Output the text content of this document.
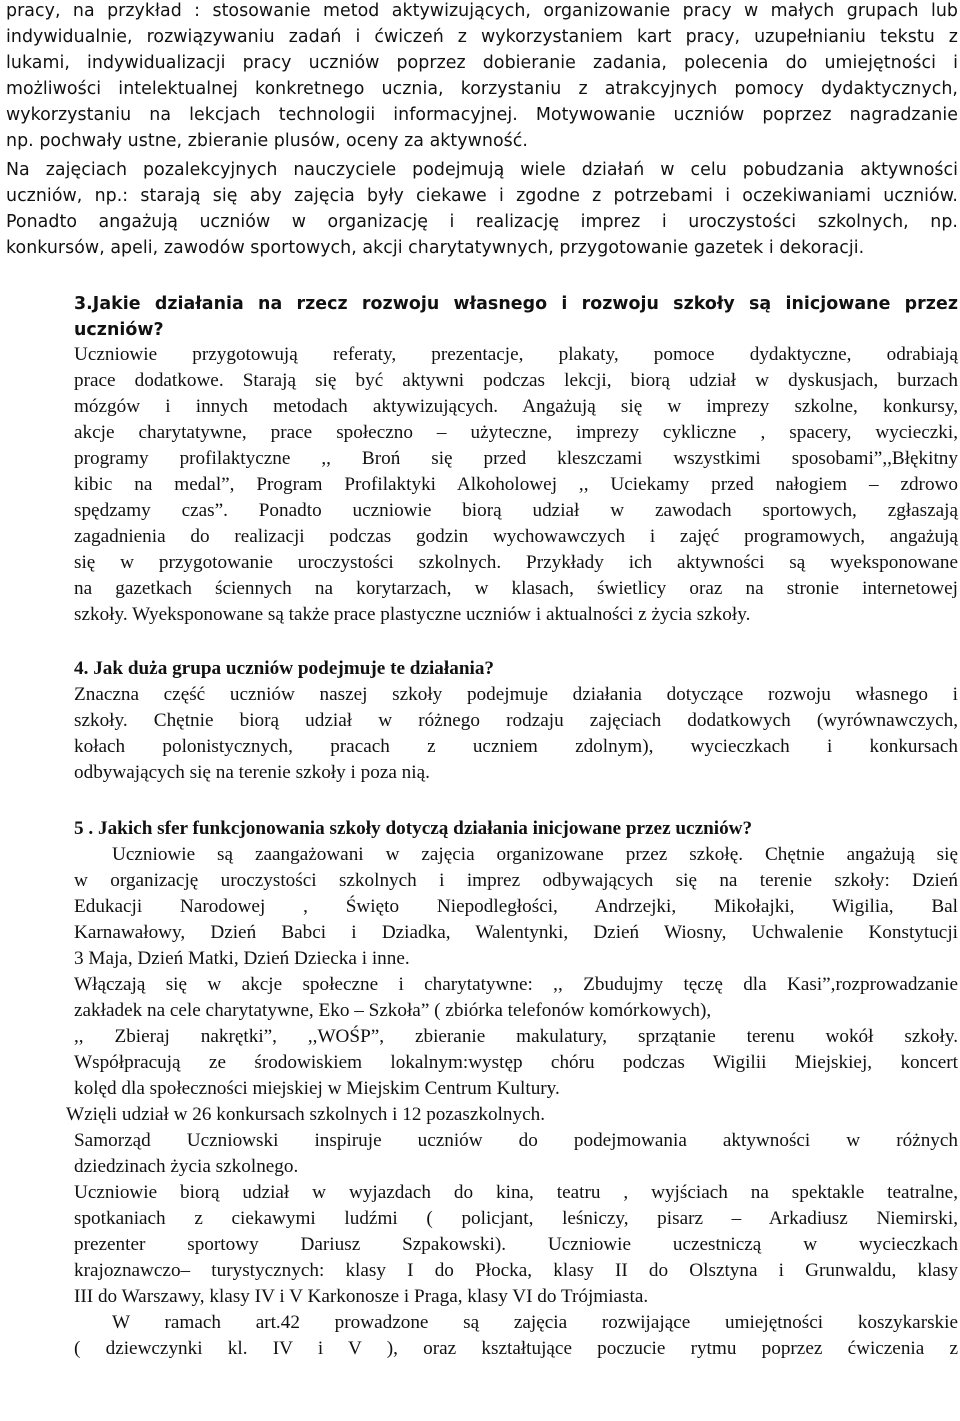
pracy, na przykład : stosowanie metod aktywizujących, organizowanie pracy w małych grupach lub
indywidualnie, rozwiązywaniu zadań i ćwiczeń z wykorzystaniem kart pracy, uzupełnianiu tekstu z
lukami, indywidualizacji pracy uczniów poprzez dobieranie zadania, polecenia do umiejętności i
możliwości intelektualnej konkretnego ucznia, korzystaniu z atrakcyjnych pomocy dydaktycznych,
wykorzystaniu na lekcjach technologii informacyjnej. Motywowanie uczniów poprzez nagradzanie
np. pochwały ustne, zbieranie plusów, oceny za aktywność.
Na zajęciach pozalekcyjnych nauczyciele podejmują wiele działań w celu pobudzania aktywności
uczniów, np.: starają się aby zajęcia były ciekawe i zgodne z potrzebami i oczekiwaniami uczniów.
Ponadto angażują uczniów w organizację i realizację imprez i uroczystości szkolnych, np.
konkursów, apeli, zawodów sportowych, akcji charytatywnych, przygotowanie gazetek i dekoracji.
3.Jakie działania na rzecz rozwoju własnego i rozwoju szkoły są inicjowane przez
uczniów?
Uczniowie przygotowują referaty, prezentacje, plakaty, pomoce dydaktyczne, odrabiają
prace dodatkowe. Starają się być aktywni podczas lekcji, biorą udział w dyskusjach, burzach
mózgów i innych metodach aktywizujących. Angażują się w imprezy szkolne, konkursy,
akcje charytatywne, prace społeczno – użyteczne, imprezy cykliczne , spacery, wycieczki,
programy profilaktyczne ,, Broń się przed kleszczami wszystkimi sposobami”,,Błękitny
kibic na medal”, Program Profilaktyki Alkoholowej ,, Uciekamy przed nałogiem – zdrowo
spędzamy czas”. Ponadto uczniowie biorą udział w zawodach sportowych, zgłaszają
zagadnienia do realizacji podczas godzin wychowawczych i zajęć programowych, angażują
się w przygotowanie uroczystości szkolnych. Przykłady ich aktywności są wyeksponowane
na gazetkach ściennych na korytarzach, w klasach, świetlicy oraz na stronie internetowej
szkoły. Wyeksponowane są także prace plastyczne uczniów i aktualności z życia szkoły.
4. Jak duża grupa uczniów podejmuje te działania?
Znaczna część uczniów naszej szkoły podejmuje działania dotyczące rozwoju własnego i
szkoły. Chętnie biorą udział w różnego rodzaju zajęciach dodatkowych (wyrównawczych,
kołach polonistycznych, pracach z uczniem zdolnym), wycieczkach i konkursach
odbywających się na terenie szkoły i poza nią.
5 . Jakich sfer funkcjonowania szkoły dotyczą działania inicjowane przez uczniów?
Uczniowie są zaangażowani w zajęcia organizowane przez szkołę. Chętnie angażują się
w organizację uroczystości szkolnych i imprez odbywających się na terenie szkoły: Dzień
Edukacji Narodowej , Święto Niepodległości, Andrzejki, Mikołajki, Wigilia, Bal
Karnawałowy, Dzień Babci i Dziadka, Walentynki, Dzień Wiosny, Uchwalenie Konstytucji
3 Maja, Dzień Matki, Dzień Dziecka i inne.
Włączają się w akcje społeczne i charytatywne: ,, Zbudujmy tęczę dla Kasi”,rozprowadzanie
zakładek na cele charytatywne, Eko – Szkoła” ( zbiórka telefonów komórkowych),
,, Zbieraj nakrętki”, ,,WOŚP”, zbieranie makulatury, sprzątanie terenu wokół szkoły.
Współpracują ze środowiskiem lokalnym:występ chóru podczas Wigilii Miejskiej, koncert
kolęd dla społeczności miejskiej w Miejskim Centrum Kultury.
Wzięli udział w 26 konkursach szkolnych i 12 pozaszkolnych.
Samorząd Uczniowski inspiruje uczniów do podejmowania aktywności w różnych
dziedzinach życia szkolnego.
Uczniowie biorą udział w wyjazdach do kina, teatru , wyjściach na spektakle teatralne,
spotkaniach z ciekawymi ludźmi ( policjant, leśniczy, pisarz – Arkadiusz Niemirski,
prezenter sportowy Dariusz Szpakowski). Uczniowie uczestniczą w wycieczkach
krajoznawczo– turystycznych: klasy I do Płocka, klasy II do Olsztyna i Grunwaldu, klasy
III do Warszawy, klasy IV i V Karkonosze i Praga, klasy VI do Trójmiasta.
W ramach art.42 prowadzone są zajęcia rozwijające umiejętności koszykarskie
( dziewczynki kl. IV i V ), oraz kształtujące poczucie rytmu poprzez ćwiczenia z
